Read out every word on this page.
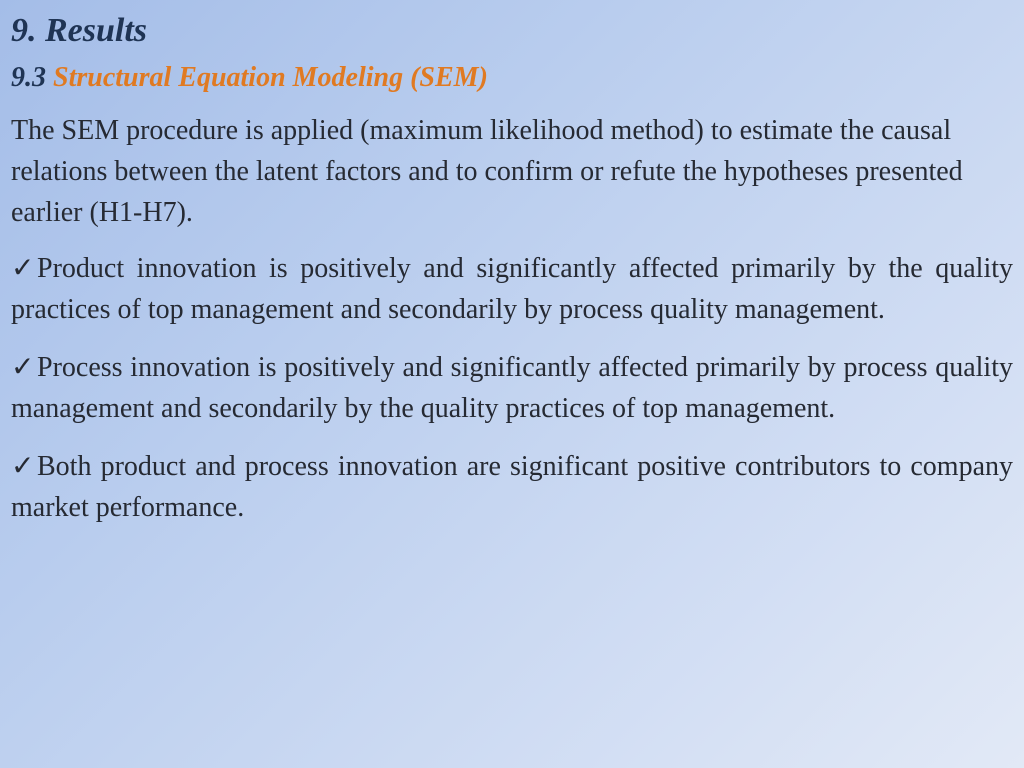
9. Results
9.3 Structural Equation Modeling (SEM)

The SEM procedure is applied (maximum likelihood method) to estimate the causal relations between the latent factors and to confirm or refute the hypotheses presented earlier (H1-H7).

✓Product innovation is positively and significantly affected primarily by the quality practices of top management and secondarily by process quality management.
✓Process innovation is positively and significantly affected primarily by process quality management and secondarily by the quality practices of top management.
✓Both product and process innovation are significant positive contributors to company market performance.
